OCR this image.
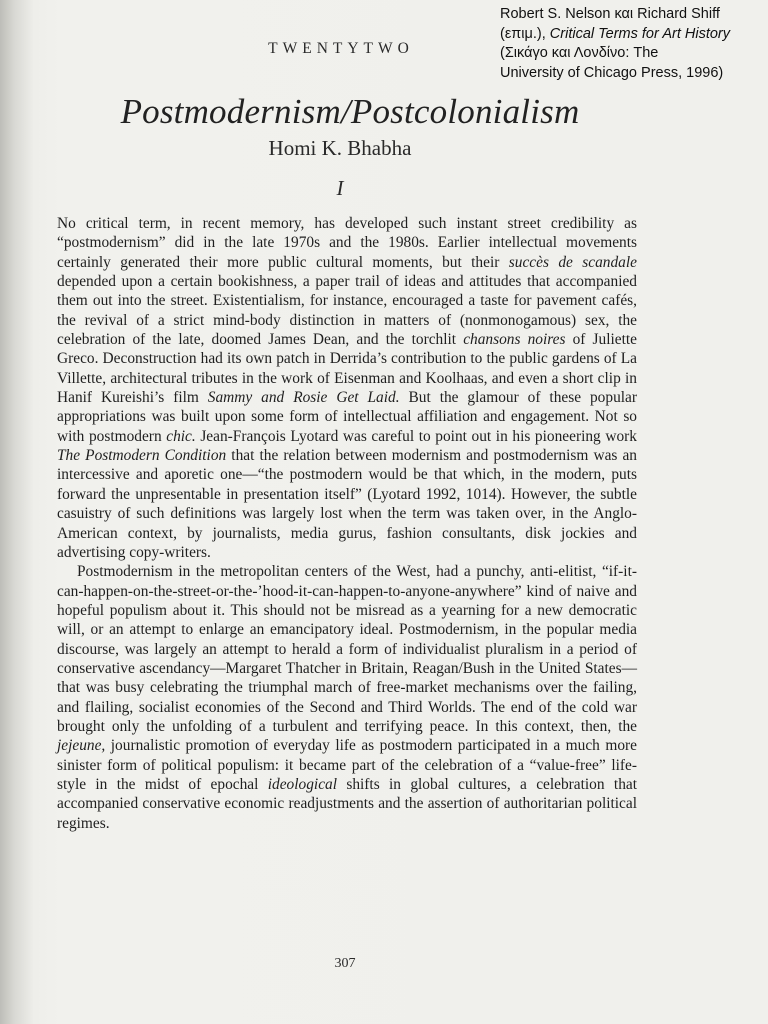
Robert S. Nelson και Richard Shiff
(επιμ.), Critical Terms for Art History
(Σικάγο και Λονδίνο: The
University of Chicago Press, 1996)
TWENTYTWO
Postmodernism/Postcolonialism
Homi K. Bhabha
I

No critical term, in recent memory, has developed such instant street credibility as “postmodernism” did in the late 1970s and the 1980s. Earlier intellectual movements certainly generated their more public cultural moments, but their succès de scandale depended upon a certain bookishness, a paper trail of ideas and attitudes that accompanied them out into the street. Existentialism, for instance, encouraged a taste for pavement cafés, the revival of a strict mind-body distinction in matters of (nonmonogamous) sex, the celebration of the late, doomed James Dean, and the torchlit chansons noires of Juliette Greco. Deconstruction had its own patch in Derrida’s contribution to the public gardens of La Villette, architectural tributes in the work of Eisenman and Koolhaas, and even a short clip in Hanif Kureishi’s film Sammy and Rosie Get Laid. But the glamour of these popular appropriations was built upon some form of intellectual affiliation and engagement. Not so with postmodern chic. Jean-François Lyotard was careful to point out in his pioneering work The Postmodern Condition that the relation between modernism and postmodernism was an intercessive and aporetic one—“the postmodern would be that which, in the modern, puts forward the unpresentable in presentation itself” (Lyotard 1992, 1014). However, the subtle casuistry of such definitions was largely lost when the term was taken over, in the Anglo-American context, by journalists, media gurus, fashion consultants, disk jockies and advertising copy-writers.

Postmodernism in the metropolitan centers of the West, had a punchy, anti-elitist, “if-it-can-happen-on-the-street-or-the-’hood-it-can-happen-to-anyone-anywhere” kind of naive and hopeful populism about it. This should not be misread as a yearning for a new democratic will, or an attempt to enlarge an emancipatory ideal. Postmodernism, in the popular media discourse, was largely an attempt to herald a form of individualist pluralism in a period of conservative ascendancy—Margaret Thatcher in Britain, Reagan/Bush in the United States—that was busy celebrating the triumphal march of free-market mechanisms over the failing, and flailing, socialist economies of the Second and Third Worlds. The end of the cold war brought only the unfolding of a turbulent and terrifying peace. In this context, then, the jejeune, journalistic promotion of everyday life as postmodern participated in a much more sinister form of political populism: it became part of the celebration of a “value-free” life-style in the midst of epochal ideological shifts in global cultures, a celebration that accompanied conservative economic readjustments and the assertion of authoritarian political regimes.

307
